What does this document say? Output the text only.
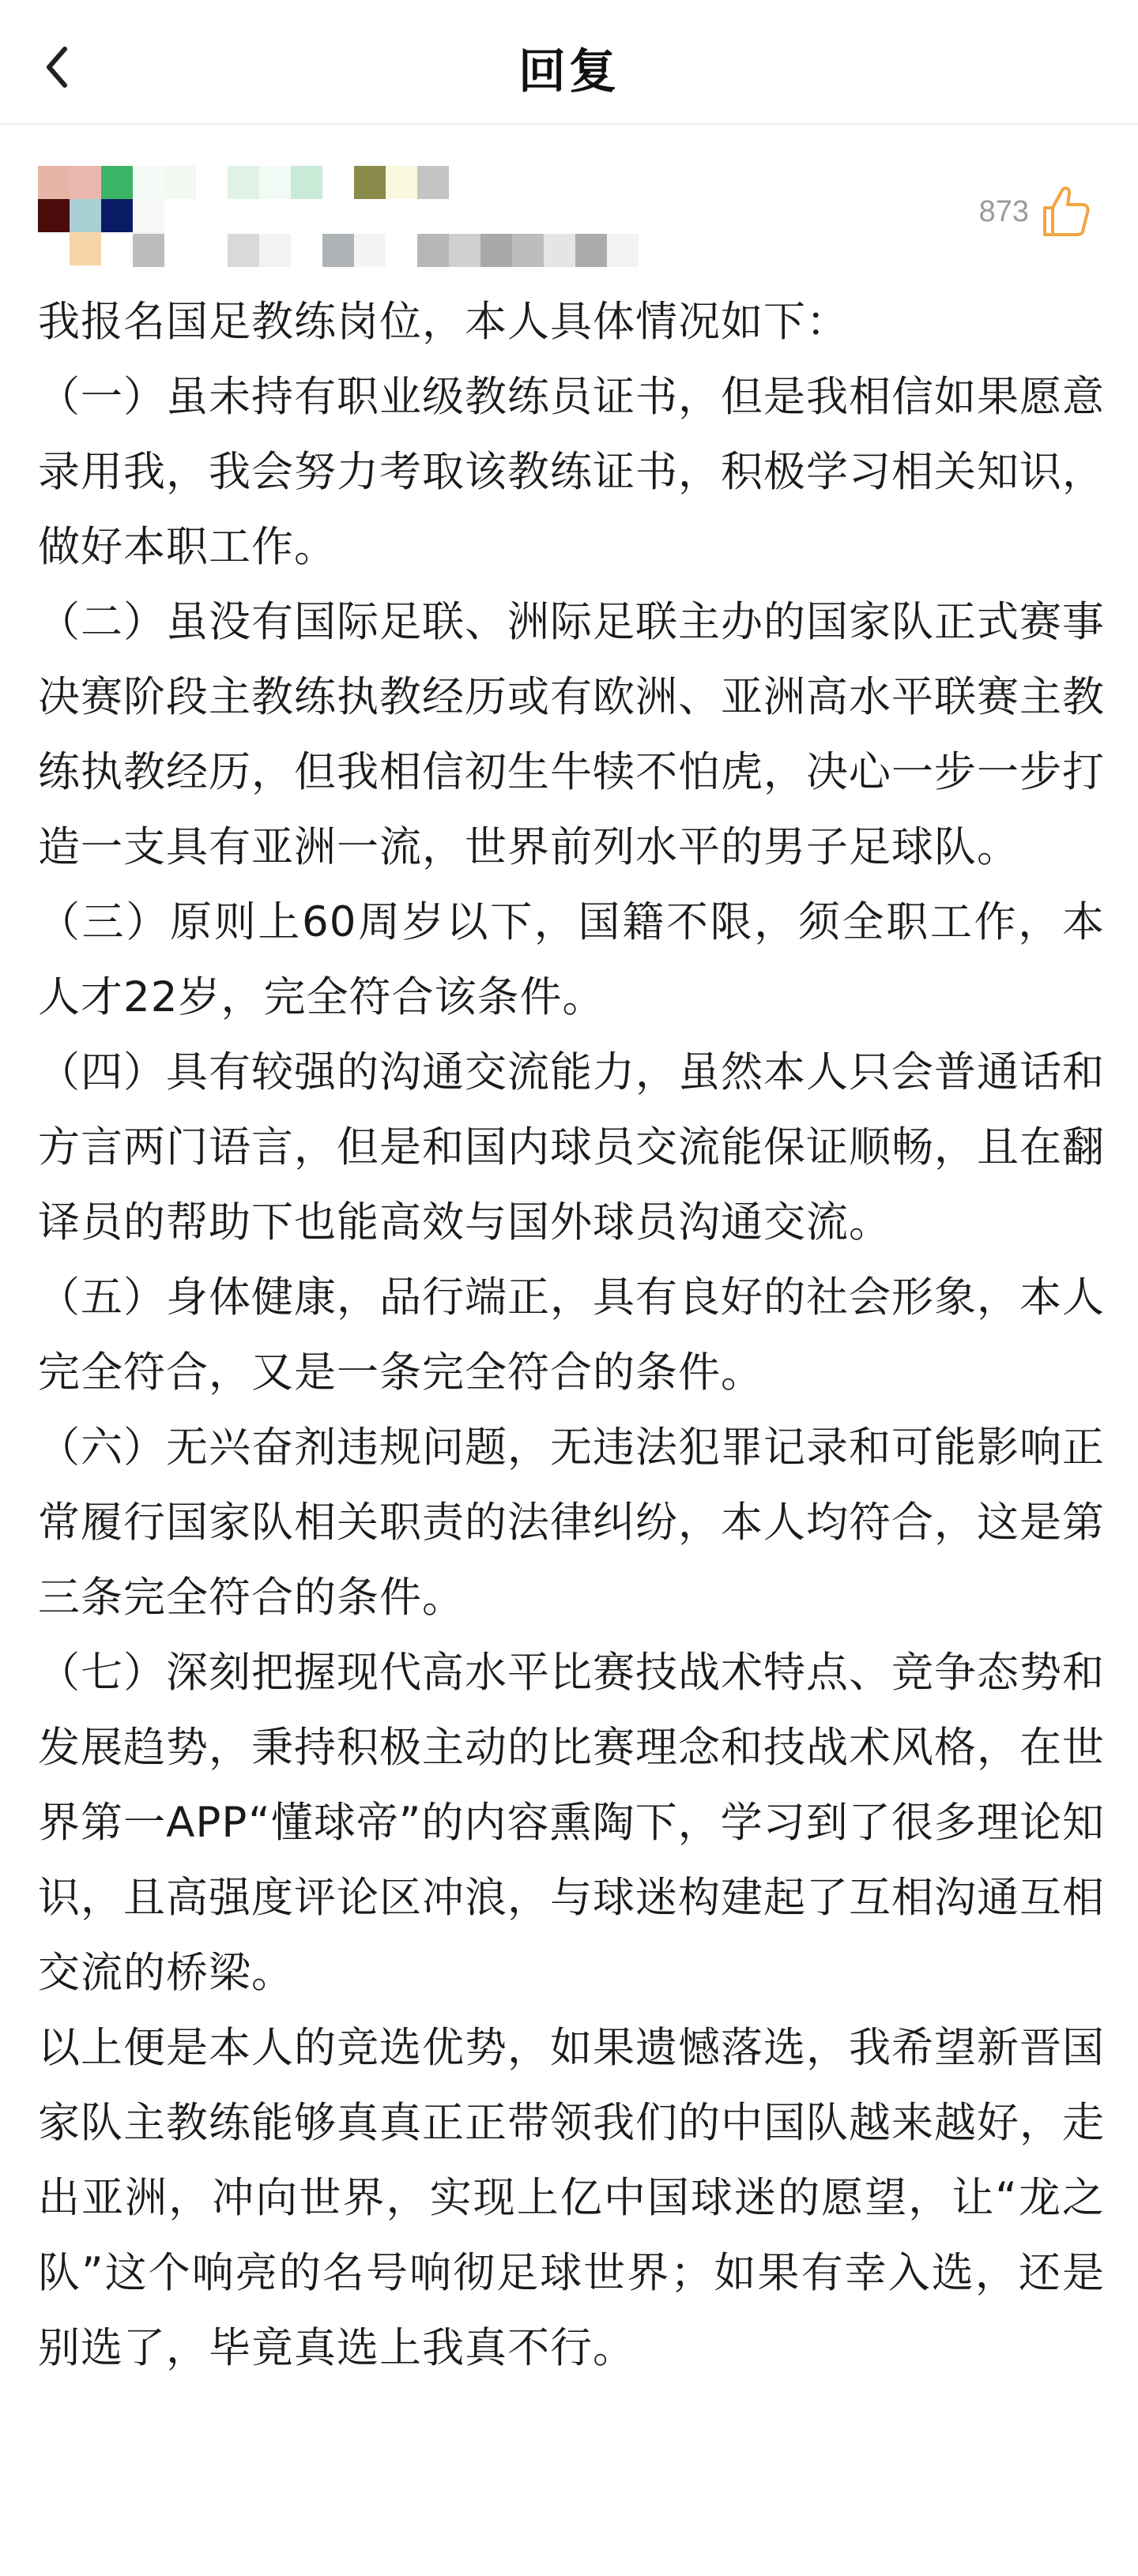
回复
873

我报名国足教练岗位，本人具体情况如下：

（一）虽未持有职业级教练员证书，但是我相信如果愿意录用我，我会努力考取该教练证书，积极学习相关知识，做好本职工作。

（二）虽没有国际足联、洲际足联主办的国家队正式赛事决赛阶段主教练执教经历或有欧洲、亚洲高水平联赛主教练执教经历，但我相信初生牛犊不怕虎，决心一步一步打造一支具有亚洲一流，世界前列水平的男子足球队。

（三）原则上60周岁以下，国籍不限，须全职工作，本人才22岁，完全符合该条件。

（四）具有较强的沟通交流能力，虽然本人只会普通话和方言两门语言，但是和国内球员交流能保证顺畅，且在翻译员的帮助下也能高效与国外球员沟通交流。

（五）身体健康，品行端正，具有良好的社会形象，本人完全符合，又是一条完全符合的条件。

（六）无兴奋剂违规问题，无违法犯罪记录和可能影响正常履行国家队相关职责的法律纠纷，本人均符合，这是第三条完全符合的条件。

（七）深刻把握现代高水平比赛技战术特点、竞争态势和发展趋势，秉持积极主动的比赛理念和技战术风格，在世界第一APP“懂球帝”的内容熏陶下，学习到了很多理论知识，且高强度评论区冲浪，与球迷构建起了互相沟通互相交流的桥梁。

以上便是本人的竞选优势，如果遗憾落选，我希望新晋国家队主教练能够真真正正带领我们的中国队越来越好，走出亚洲，冲向世界，实现上亿中国球迷的愿望，让“龙之队”这个响亮的名号响彻足球世界；如果有幸入选，还是别选了，毕竟真选上我真不行。
